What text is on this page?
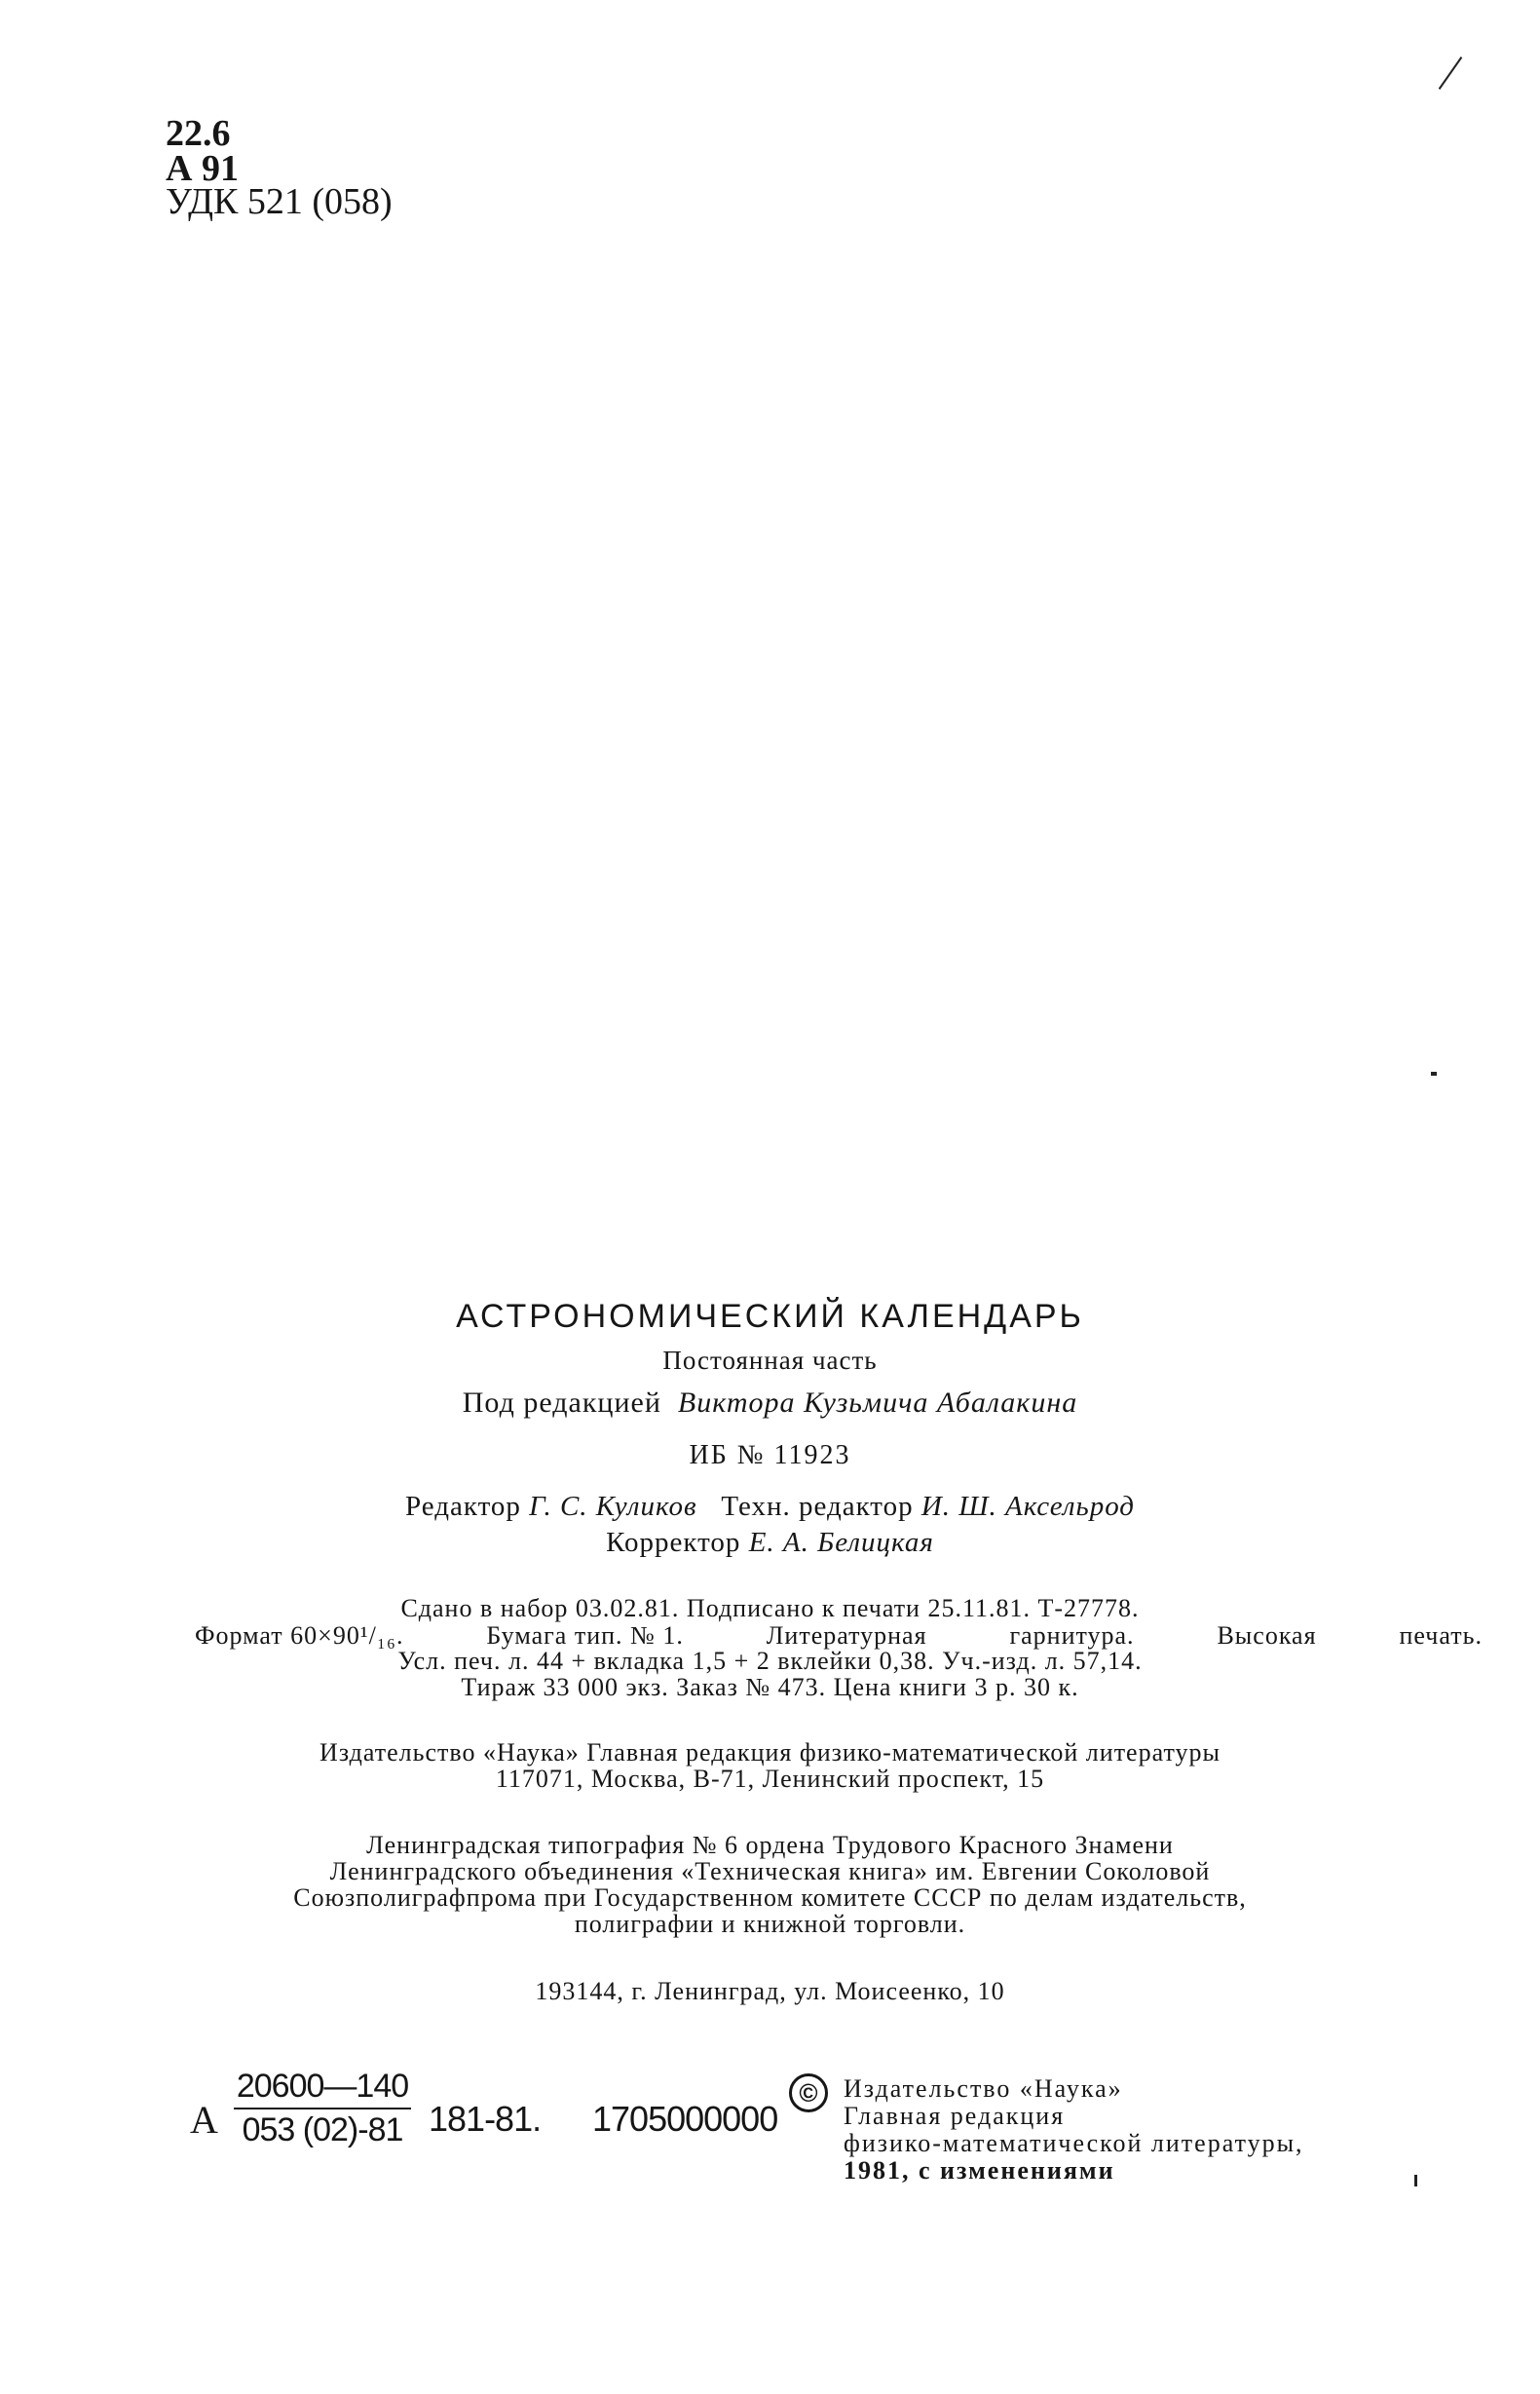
22.6
А 91
УДК 521 (058)
АСТРОНОМИЧЕСКИЙ КАЛЕНДАРЬ
Постоянная часть
Под редакцией Виктора Кузьмича Абалакина
ИБ № 11923
Редактор Г. С. Куликов Техн. редактор И. Ш. Аксельрод
Корректор Е. А. Белицкая
Сдано в набор 03.02.81. Подписано к печати 25.11.81. Т-27778.
Формат 60×90¹/₁₆.	Бумага тип. № 1.	Литературная	гарнитура.	Высокая	печать.
Усл. печ. л. 44 + вкладка 1,5 + 2 вклейки 0,38. Уч.-изд. л. 57,14.
Тираж 33 000 экз. Заказ № 473. Цена книги 3 р. 30 к.
Издательство «Наука» Главная редакция физико-математической литературы
117071, Москва, В-71, Ленинский проспект, 15
Ленинградская типография № 6 ордена Трудового Красного Знамени
Ленинградского объединения «Техническая книга» им. Евгении Соколовой
Союзполиграфпрома при Государственном комитете СССР по делам издательств,
полиграфии и книжной торговли.
193144, г. Ленинград, ул. Моисеенко, 10
А $\frac{20600—140}{053 (02)-81} 181-81$. 1705000000
©	Издательство «Наука»
Главная редакция
физико-математической литературы,
1981, с изменениями
